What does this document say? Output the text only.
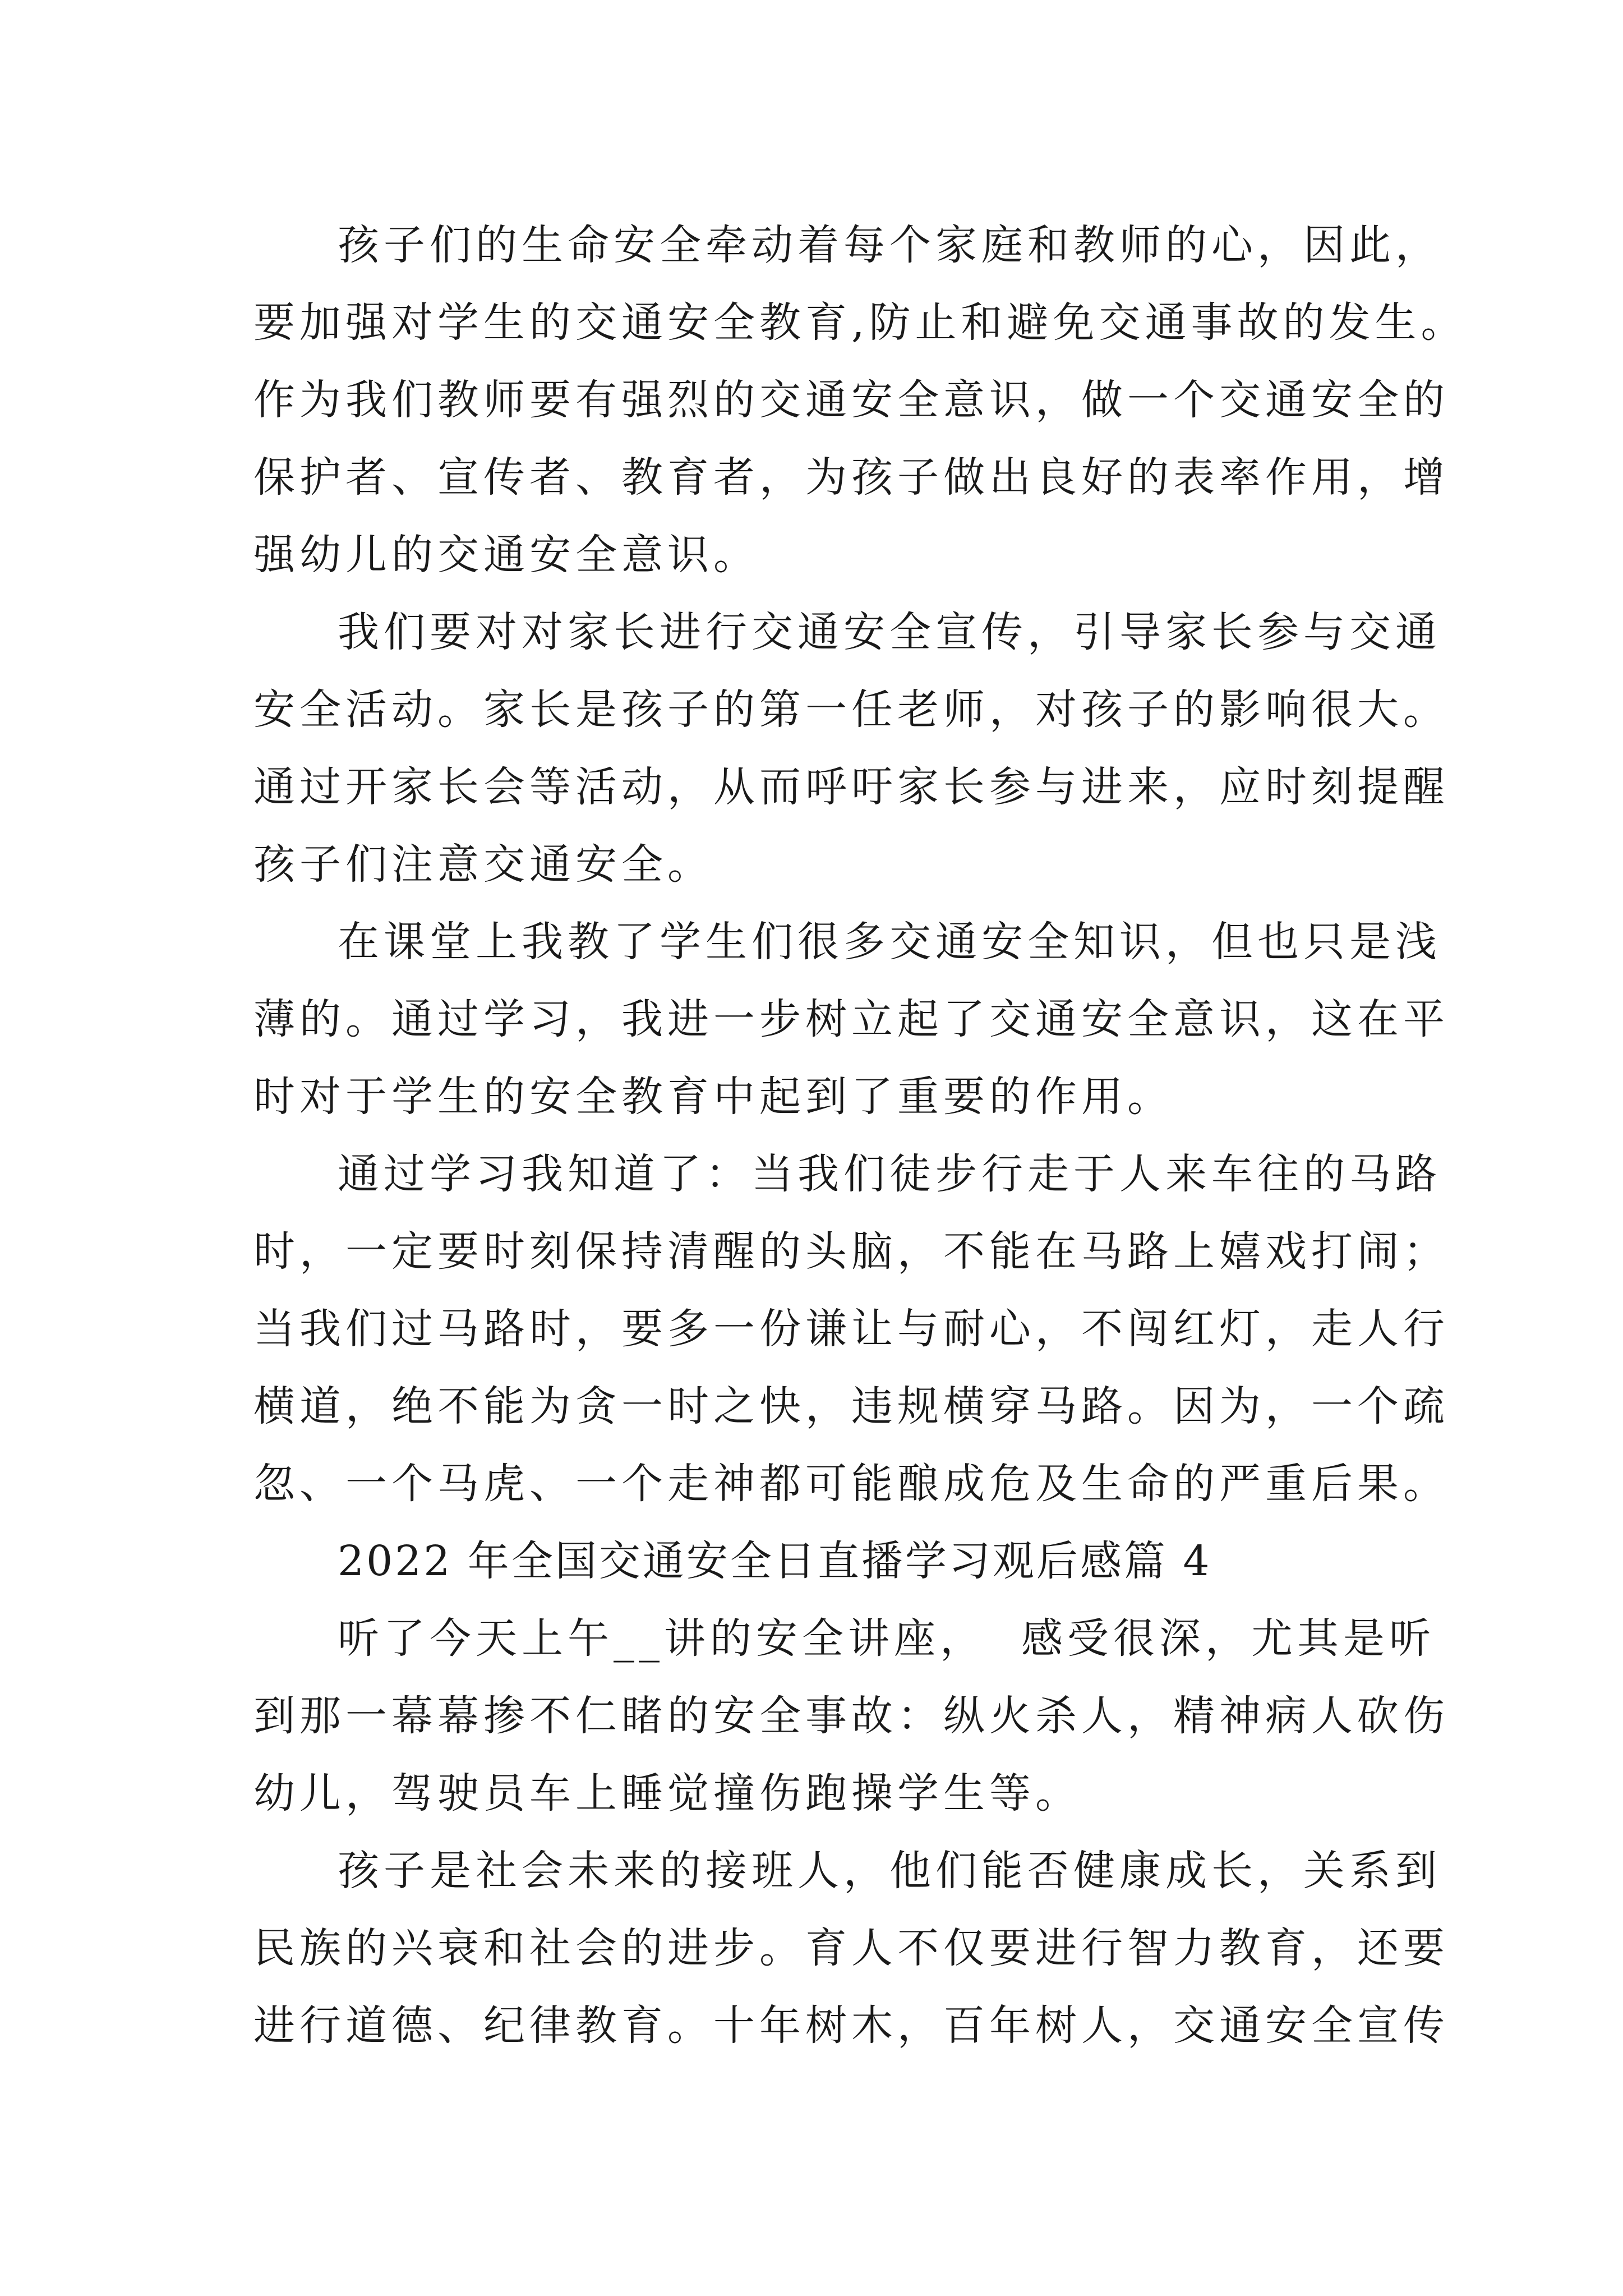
孩子们的生命安全牵动着每个家庭和教师的心，因此，
要加强对学生的交通安全教育,防止和避免交通事故的发生。
作为我们教师要有强烈的交通安全意识，做一个交通安全的
保护者、宣传者、教育者，为孩子做出良好的表率作用，增
强幼儿的交通安全意识。
我们要对对家长进行交通安全宣传，引导家长参与交通
安全活动。家长是孩子的第一任老师，对孩子的影响很大。
通过开家长会等活动，从而呼吁家长参与进来，应时刻提醒
孩子们注意交通安全。
在课堂上我教了学生们很多交通安全知识，但也只是浅
薄的。通过学习，我进一步树立起了交通安全意识，这在平
时对于学生的安全教育中起到了重要的作用。
通过学习我知道了：当我们徒步行走于人来车往的马路
时，一定要时刻保持清醒的头脑，不能在马路上嬉戏打闹；
当我们过马路时，要多一份谦让与耐心，不闯红灯，走人行
横道，绝不能为贪一时之快，违规横穿马路。因为，一个疏
忽、一个马虎、一个走神都可能酿成危及生命的严重后果。
2022 年全国交通安全日直播学习观后感篇 4
听了今天上午__讲的安全讲座，  感受很深，尤其是听
到那一幕幕掺不仁睹的安全事故：纵火杀人，精神病人砍伤
幼儿，驾驶员车上睡觉撞伤跑操学生等。
孩子是社会未来的接班人，他们能否健康成长，关系到
民族的兴衰和社会的进步。育人不仅要进行智力教育，还要
进行道德、纪律教育。十年树木，百年树人，交通安全宣传
